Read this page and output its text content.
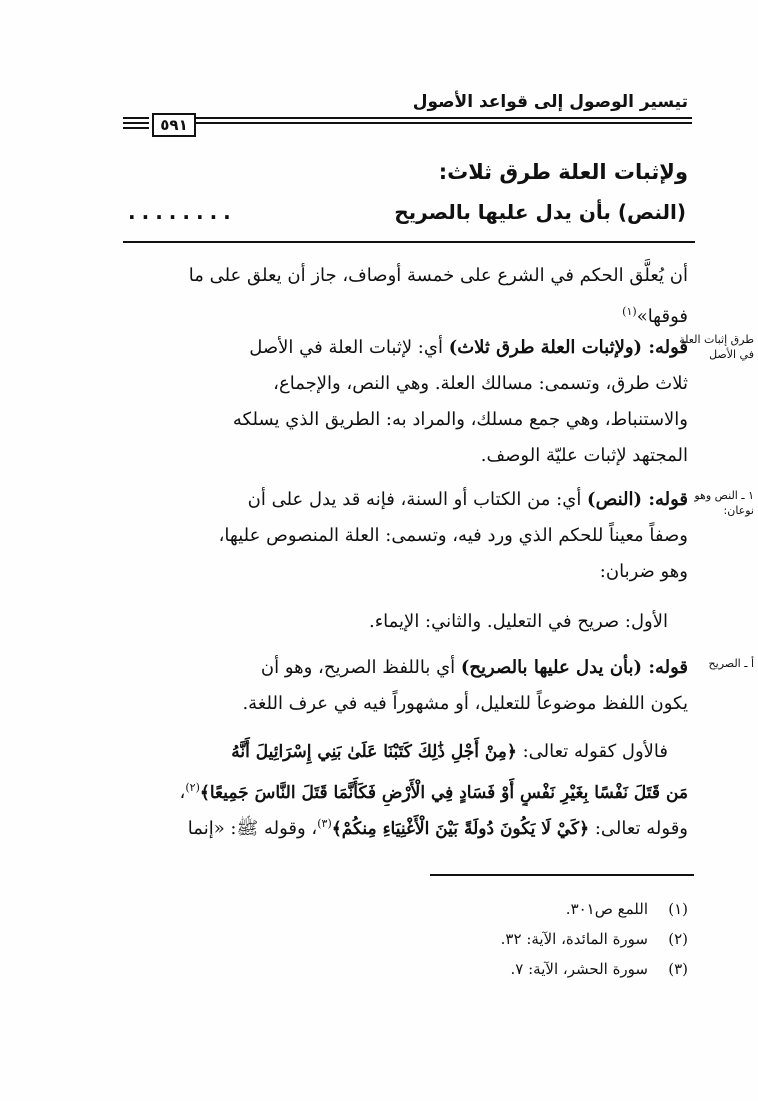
تيسير الوصول إلى قواعد الأصول
٥٩١
ولإثبات العلة طرق ثلاث:
(النص) بأن يدل عليها بالصريح
........
أن يُعلَّق الحكم في الشرع على خمسة أوصاف، جاز أن يعلق على ما
فوقها»$^{(١)}$
قوله: (ولإثبات العلة طرق ثلاث) أي: لإثبات العلة في الأصل
ثلاث طرق، وتسمى: مسالك العلة. وهي النص، والإجماع،
والاستنباط، وهي جمع مسلك، والمراد به: الطريق الذي يسلكه
المجتهد لإثبات عليّة الوصف.
قوله: (النص) أي: من الكتاب أو السنة، فإنه قد يدل على أن
وصفاً معيناً للحكم الذي ورد فيه، وتسمى: العلة المنصوص عليها،
وهو ضربان:
الأول: صريح في التعليل. والثاني: الإيماء.
قوله: (بأن يدل عليها بالصريح) أي باللفظ الصريح، وهو أن
يكون اللفظ موضوعاً للتعليل، أو مشهوراً فيه في عرف اللغة.
فالأول كقوله تعالى: ﴿مِنْ أَجْلِ ذَٰلِكَ كَتَبْنَا عَلَىٰ بَنِي إِسْرَائِيلَ أَنَّهُ
مَن قَتَلَ نَفْسًا بِغَيْرِ نَفْسٍ أَوْ فَسَادٍ فِي الْأَرْضِ فَكَأَنَّمَا قَتَلَ النَّاسَ جَمِيعًا﴾$^{(٢)}$،
وقوله تعالى: ﴿كَيْ لَا يَكُونَ دُولَةً بَيْنَ الْأَغْنِيَاءِ مِنكُمْ﴾$^{(٣)}$، وقوله ﷺ: «إنما
طرق إثبات العلة في الأصل
١ ـ النص وهو نوعان:
أ ـ الصريح
(١)اللمع ص٣٠١.
(٢)سورة المائدة، الآية: ٣٢.
(٣)سورة الحشر، الآية: ٧.
